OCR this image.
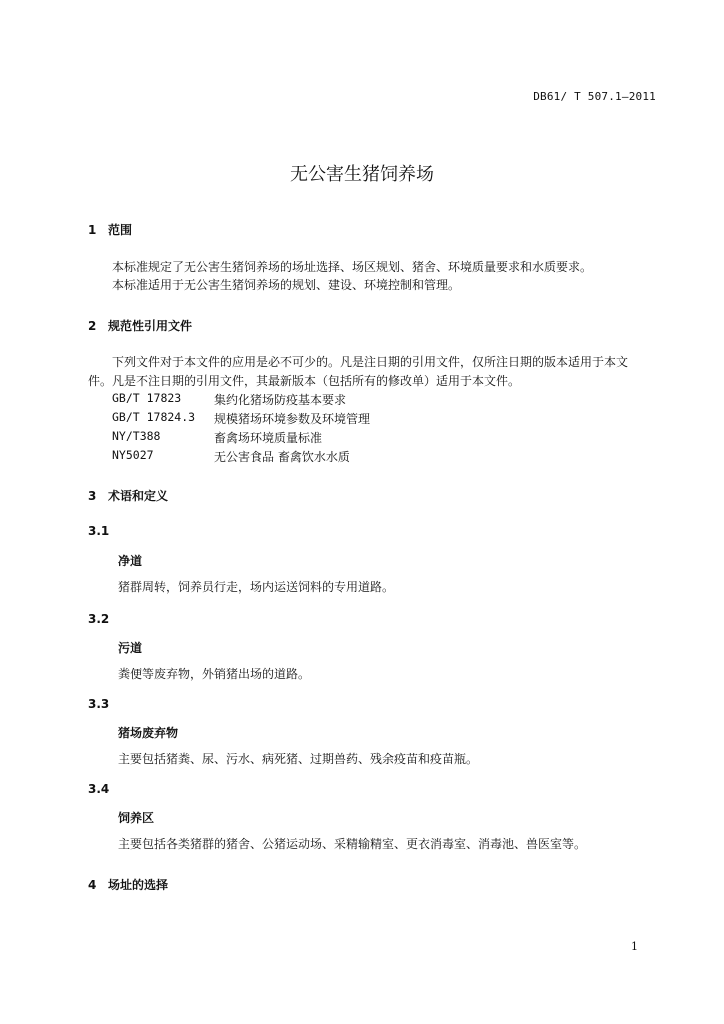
DB61/ T 507.1—2011
无公害生猪饲养场
1 范围
本标准规定了无公害生猪饲养场的场址选择、场区规划、猪舍、环境质量要求和水质要求。
本标准适用于无公害生猪饲养场的规划、建设、环境控制和管理。
2 规范性引用文件
下列文件对于本文件的应用是必不可少的。凡是注日期的引用文件，仅所注日期的版本适用于本文
件。凡是不注日期的引用文件，其最新版本（包括所有的修改单）适用于本文件。
GB/T 17823	集约化猪场防疫基本要求
GB/T 17824.3 规模猪场环境参数及环境管理
NY/T388	畜禽场环境质量标准
NY5027	无公害食品 畜禽饮水水质
3 术语和定义
3.1
净道
猪群周转，饲养员行走，场内运送饲料的专用道路。
3.2
污道
粪便等废弃物，外销猪出场的道路。
3.3
猪场废弃物
主要包括猪粪、尿、污水、病死猪、过期兽药、残余疫苗和疫苗瓶。
3.4
饲养区
主要包括各类猪群的猪舍、公猪运动场、采精输精室、更衣消毒室、消毒池、兽医室等。
4 场址的选择
1
